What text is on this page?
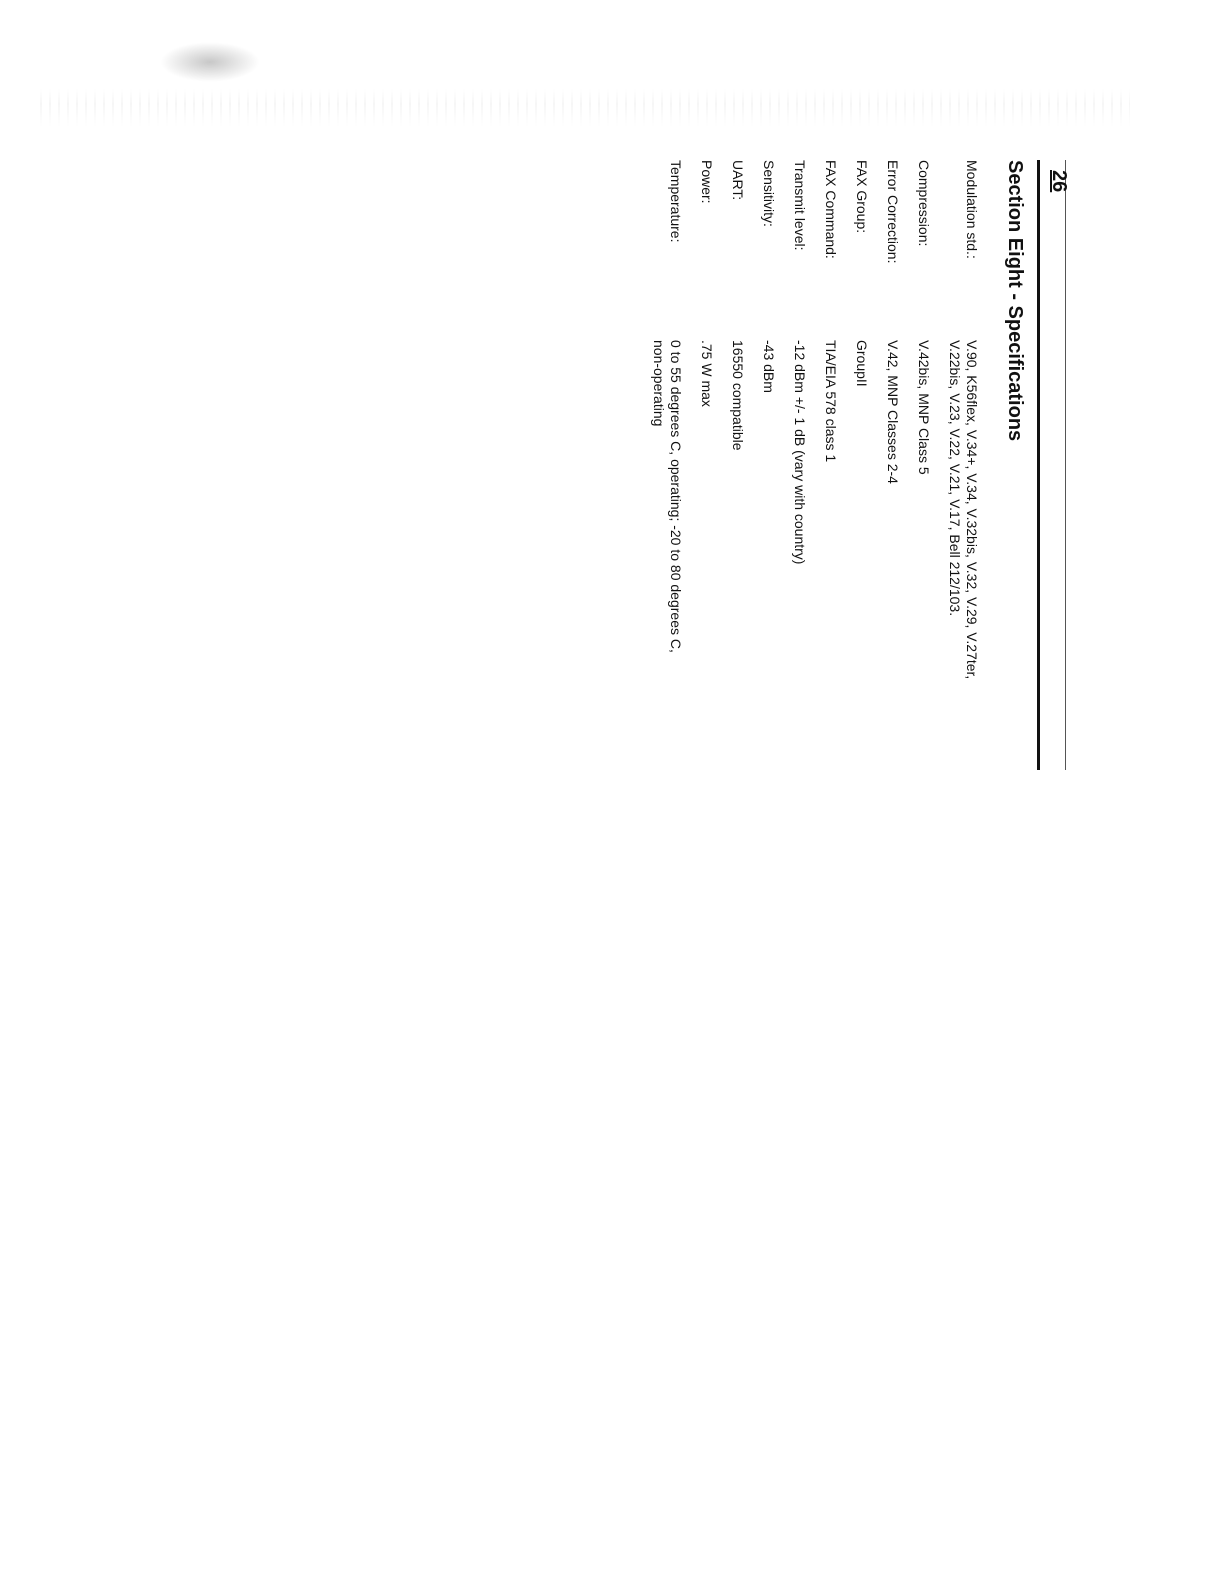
26
Section Eight - Specifications
Modulation std.:
V.90, K56flex, V.34+, V.34, V.32bis, V.32, V.29, V.27ter, V.22bis, V.23, V.22, V.21, V.17, Bell 212/103.
Compression:
V.42bis, MNP Class 5
Error Correction:
V.42, MNP Classes 2-4
FAX Group:
GroupII
FAX Command:
TIA/EIA 578 class 1
Transmit level:
-12 dBm +/- 1 dB (vary with country)
Sensitivity:
-43 dBm
UART:
16550 compatible
Power:
.75 W max
Temperature:
0 to 55 degrees C, operating; -20 to 80 degrees C, non-operating
